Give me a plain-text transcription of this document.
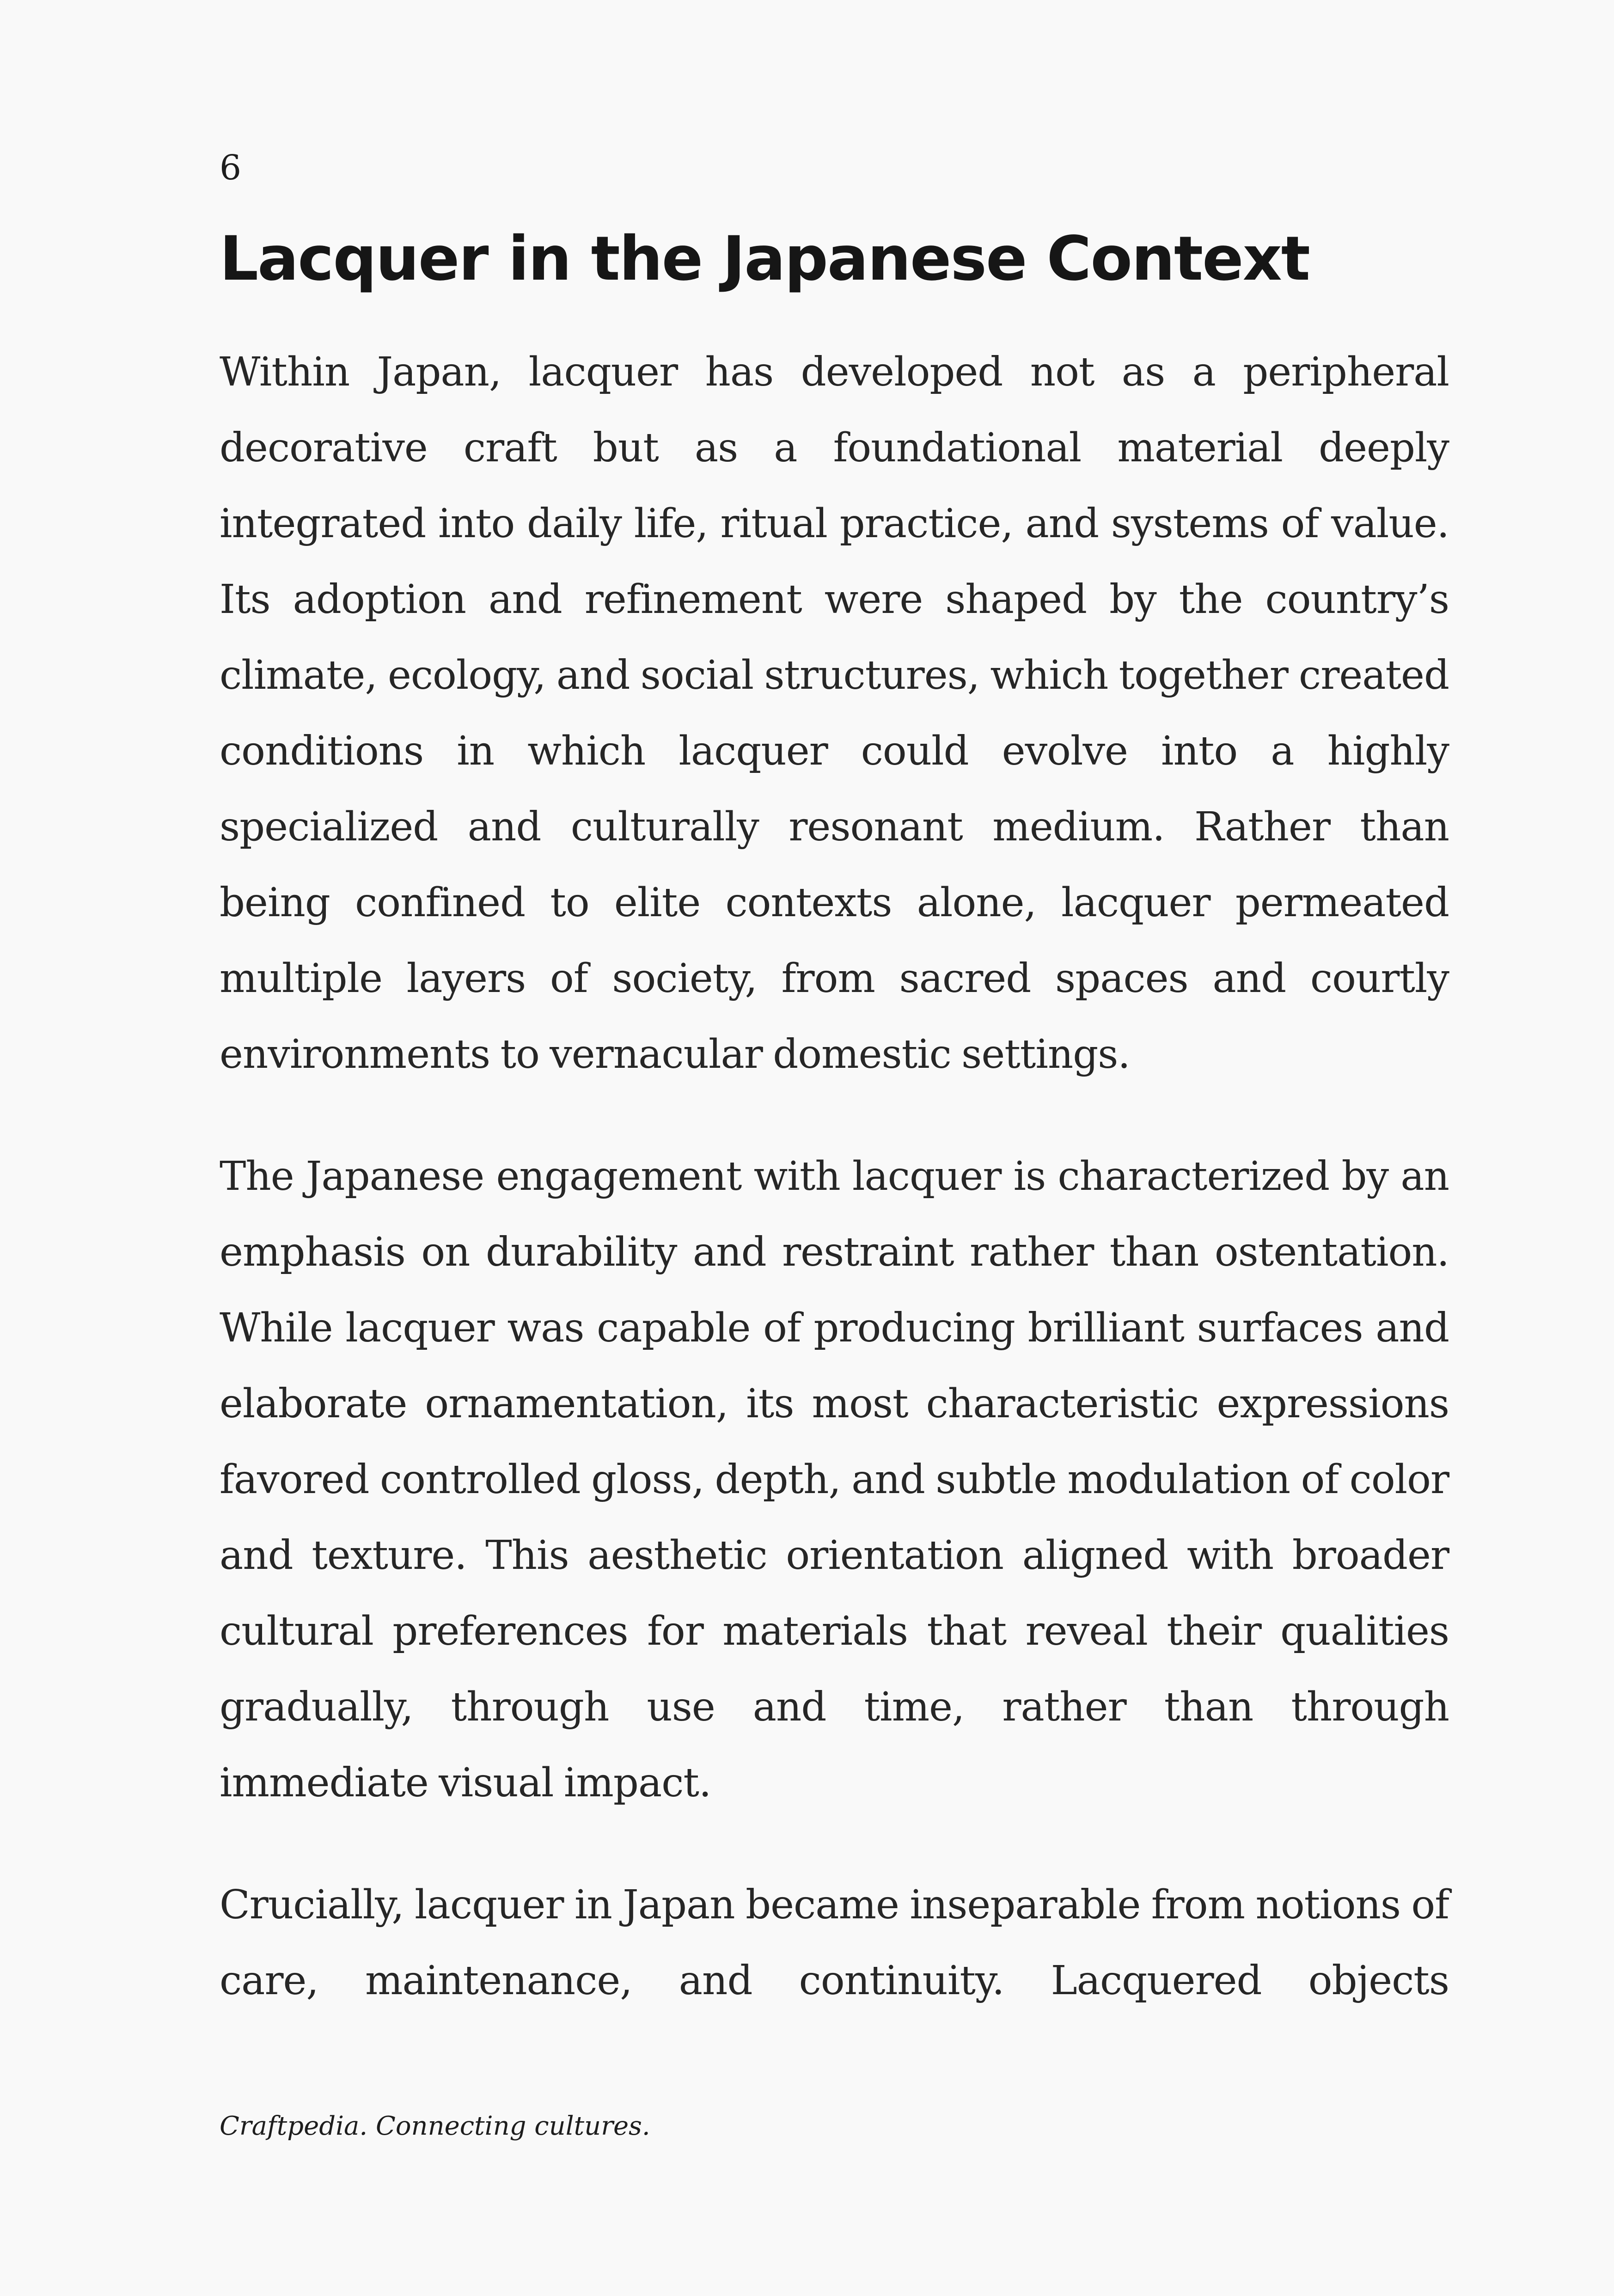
6
Lacquer in the Japanese Context

Within Japan, lacquer has developed not as a peripheral decorative craft but as a foundational material deeply integrated into daily life, ritual practice, and systems of value. Its adoption and refinement were shaped by the country’s climate, ecology, and social structures, which together created conditions in which lacquer could evolve into a highly specialized and culturally resonant medium. Rather than being confined to elite contexts alone, lacquer permeated multiple layers of society, from sacred spaces and courtly environments to vernacular domestic settings.

The Japanese engagement with lacquer is characterized by an emphasis on durability and restraint rather than ostentation. While lacquer was capable of producing brilliant surfaces and elaborate ornamentation, its most characteristic expressions favored controlled gloss, depth, and subtle modulation of color and texture. This aesthetic orientation aligned with broader cultural preferences for materials that reveal their qualities gradually, through use and time, rather than through immediate visual impact.

Crucially, lacquer in Japan became inseparable from notions of care, maintenance, and continuity. Lacquered objects

Craftpedia. Connecting cultures.
